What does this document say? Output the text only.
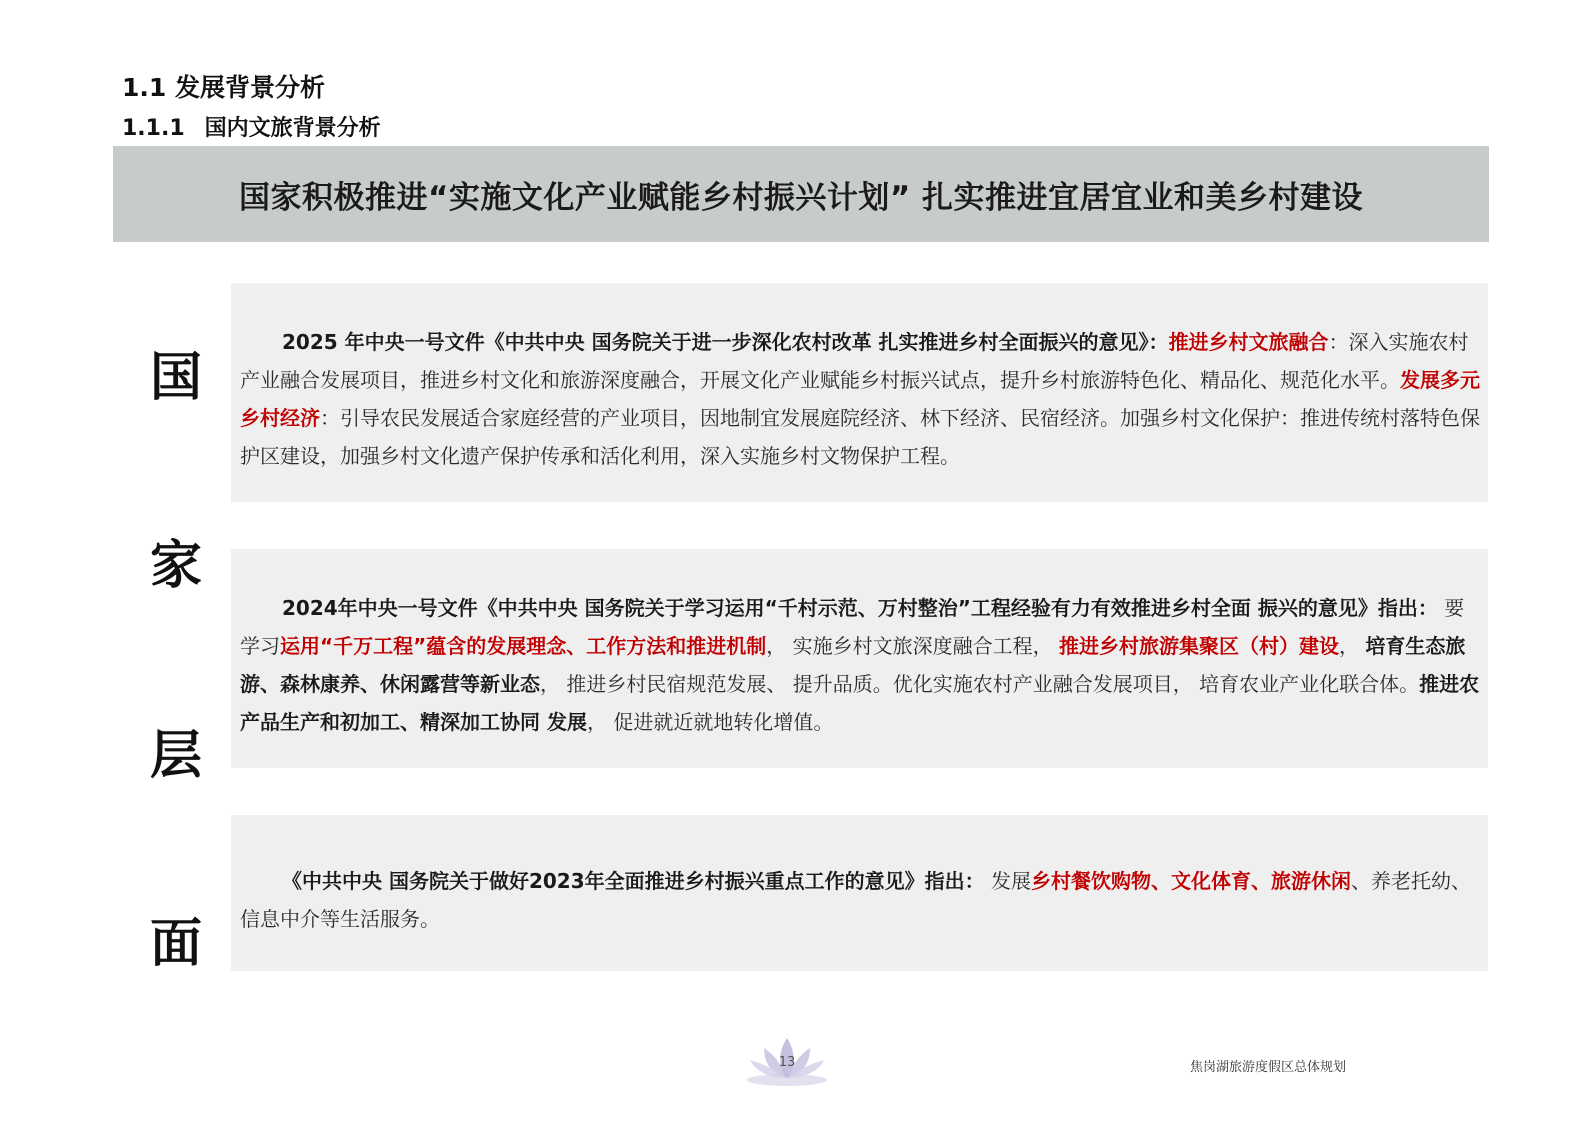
1.1 发展背景分析
1.1.1 国内文旅背景分析
国家积极推进“实施文化产业赋能乡村振兴计划” 扎实推进宜居宜业和美乡村建设
国
家
层
面

2025 年中央一号文件《中共中央 国务院关于进一步深化农村改革 扎实推进乡村全面振兴的意见》：推进乡村文旅融合：深入实施农村产业融合发展项目，推进乡村文化和旅游深度融合，开展文化产业赋能乡村振兴试点，提升乡村旅游特色化、精品化、规范化水平。发展多元乡村经济：引导农民发展适合家庭经营的产业项目，因地制宜发展庭院经济、林下经济、民宿经济。加强乡村文化保护：推进传统村落特色保护区建设，加强乡村文化遗产保护传承和活化利用，深入实施乡村文物保护工程。

2024年中央一号文件《中共中央 国务院关于学习运用“千村示范、万村整治”工程经验有力有效推进乡村全面 振兴的意见》指出： 要学习运用“千万工程”蕴含的发展理念、工作方法和推进机制， 实施乡村文旅深度融合工程， 推进乡村旅游集聚区（村）建设， 培育生态旅游、森林康养、休闲露营等新业态， 推进乡村民宿规范发展、 提升品质。优化实施农村产业融合发展项目， 培育农业产业化联合体。推进农产品生产和初加工、精深加工协同 发展， 促进就近就地转化增值。

《中共中央 国务院关于做好2023年全面推进乡村振兴重点工作的意见》指出： 发展乡村餐饮购物、文化体育、旅游休闲、养老托幼、信息中介等生活服务。

13	焦岗湖旅游度假区总体规划
